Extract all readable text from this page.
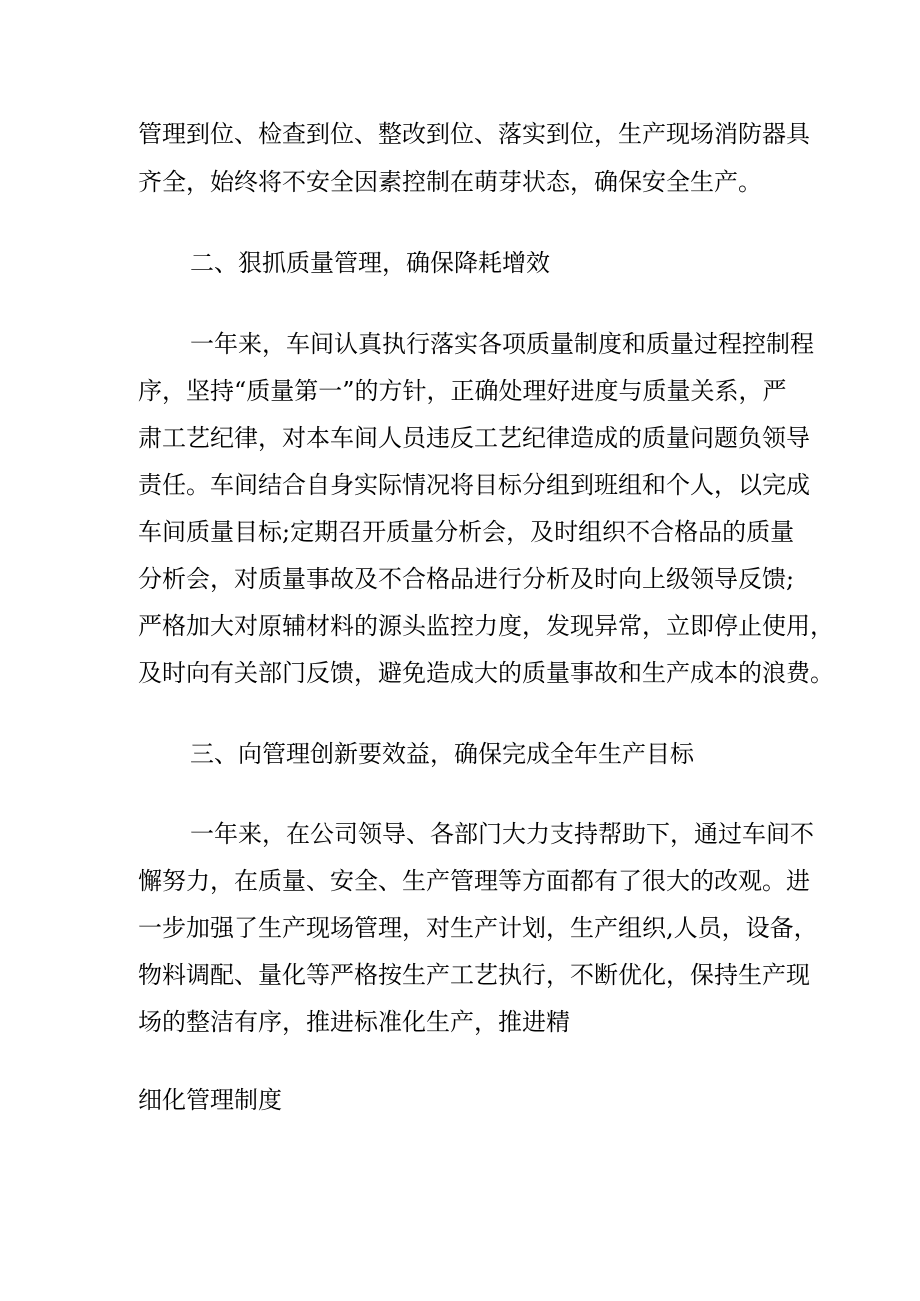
管理到位、检查到位、整改到位、落实到位，生产现场消防器具
齐全，始终将不安全因素控制在萌芽状态，确保安全生产。
二、狠抓质量管理，确保降耗增效
一年来，车间认真执行落实各项质量制度和质量过程控制程
序，坚持“质量第一”的方针，正确处理好进度与质量关系，严
肃工艺纪律，对本车间人员违反工艺纪律造成的质量问题负领导
责任。车间结合自身实际情况将目标分组到班组和个人，以完成
车间质量目标;定期召开质量分析会，及时组织不合格品的质量
分析会，对质量事故及不合格品进行分析及时向上级领导反馈;
严格加大对原辅材料的源头监控力度，发现异常，立即停止使用，
及时向有关部门反馈，避免造成大的质量事故和生产成本的浪费。
三、向管理创新要效益，确保完成全年生产目标
一年来，在公司领导、各部门大力支持帮助下，通过车间不
懈努力，在质量、安全、生产管理等方面都有了很大的改观。进
一步加强了生产现场管理，对生产计划，生产组织,人员，设备，
物料调配、量化等严格按生产工艺执行，不断优化，保持生产现
场的整洁有序，推进标准化生产，推进精
细化管理制度
